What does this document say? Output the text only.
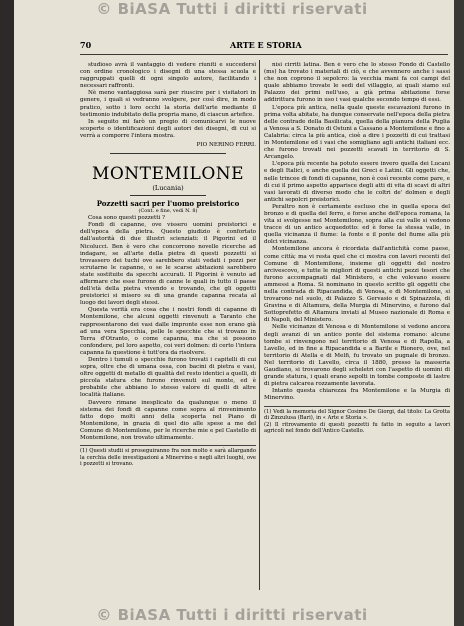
© BiASA Tutti i diritti riservati
70	ARTE E STORIA

studioso avrà il vantaggio di vedere riuniti e succedersi con ordine cronologico i disegni di una stessa scuola e raggruppati quelli di ogni singolo autore, facilitando i necessari raffronti.

Nè meno vantaggiosa sarà per riuscire per i visitatori in genere, i quali si vedranno svolgere, per così dire, in modo pratico, sotto i loro occhi la storia dell'arte mediante il testimonio indubitato della propria mano, di ciascun artefice.

In seguito mi farò un pregio di comunicarvi le nuove scoperte o identificazioni degli autori dei disegni, di cui si verrà a comporre l'intera mostra.

PIO NERINO FERRI.
MONTEMILONE
(Lucania)
Pozzetti sacri per l'uomo preistorico
(Cont. e fine, vedi N. 8)

Cosa sono questi pozzetti ?

Fondi di capanne, ove vissero uomini preistorici e dell'epoca della pietra. Questo giudizio è confortato dall'autorità di due illustri scienziati: il Pigorini ed il Nicolucci. Ben è vero che concorrono novelle ricerche ad indagare, se all'arte della pietra di questi pozzetti si trovassero dei tuchi ove sarebbero stati vedati i pozzi per scrutarne le capanne, o se le scarse abitazioni sarebbero state sostituite da specchi accurati. Il Pigorini è venuto ad affermare che esse furono di canne le quali in tutto il paese dell'età della pietra vivendo e trovando, che gli oggetti preistorici si misero su di una grande capanna recata al luogo dei lavori degli stessi.

Questa verità era cosa che i nostri fondi di capanne di Montemilone, che alcuni oggetti rinvenuti a Taranto che rappresentarono dei vasi dalle impronte esse non erano già ad una vera Specchia, pelle le specchie che si trovano in Terra d'Otranto, o come capanna, ma che si possono confondere, pel loro aspetto, coi veri dolmen: di certo l'intera capanna fa questione è tutt'ora da risolvere.

Dentro i tumuli o specchie furono trovati i capitelli di cui sopra, oltre che di umana ossa, con bacini di pietra e vasi, oltre oggetti di metallo di qualità del resto identici a quelli, di piccola statura che furono rinvenuti sul monte, ed è probabile che abbiano lo stesso valore di quelli di altre località italiane.

Davvero rimane inesplicato da qualunque o meno il sistema dei fondi di capanne come sopra al rinvenimento fatto dopo molti anni della scoperta nel Piano di Montemilone, in grazia di quel dio alle spese a me del Comune di Montemilone, per le ricerche mie e pel Castello di Montemilone, non trovato ultimamente.

(1) Questi studii si proseguiranno fra non molto e sarà allargando la cerchia delle investigazioni a Minervino e negli altri luoghi, ove i pozzetti si trovano.

nisi cirriti latina. Ben è vero che lo stesso Fondo di Castello (ms) ha trovato i materiali di ciò, e che avvennero anche i sassi che non coprono il sepolcro: la vecchia mani fa coi campi del quale abbiamo trovate le sedi del villaggio, ai quali siamo sul Palazzo dei primi nell'uso, a già prima abitazione forse addirittura furono in uso i vasi qualche secondo tempo di essi.

L'epoca più antica, nella quale queste escavazioni furono in prima volta abitate, ha dunque conservate nell'epoca della pietra delle contrade della Basilicata, quella della pianura della Puglia a Venosa a S. Donato di Ostuni a Cassano a Montemilone e fino a Calabria: circa la più antica, cioè a dire i pozzetti di cui trattasi in Montemilone ed i vasi che somigliano agli antichi italiani ecc. che furono trovati nei pozzetti scavati in territorio di S. Arcangelo.

L'epoca più recente ha potuto essere invero quella dei Lucani e degli Italici, e anche quella dei Greci e Latini. Gli oggetti che, nelle trincee di fondi di capanne, non è così recente come pare, e di cui il primo aspetto apparisce degli atti di vita di scavi di altri vasi lavorati di diverso modo che le coltri de' dolmen e degli antichi sepolcri preistorici.

Peraltro non è certamente escluso che in quella epoca del bronzo e di quella del ferro, e forse anche dell'epoca romana, la vita si svolgesse nel Montemilone, sopra alla cui valle si vedono tracce di un antico acquedotto: ed è forse la stessa valle, in quella vicinanza il fiume: la fonte e il ponte del fiume alla più dolci vicinanza.

Montemilone ancora è ricordata dall'antichità come paese, come città; ma vi resta quel che ci mostra con lavori recenti del Comune di Montemilone, insieme gli oggetti del nostro arcivescovo, e tutte le migliori di questi antichi pezzi tesori che furono accompagnati dal Ministero, e che volevano essere ammessi a Roma. Si nominano in questo scritto gli oggetti che nella contrada di Ripacandida, di Venosa, e di Montemilone, si trovarono nel suolo, di Palazzo S. Gervasio e di Spinazzola, di Gravina e di Altamura, della Murgia di Minervino, e furono dal Sottoprefetto di Altamura inviati al Museo nazionale di Roma e di Napoli, del Ministero.

Nelle vicinanze di Venosa e di Montemilone si vedono ancora degli avanzi di un antico ponte del sistema romano: alcune tombe si rinvengono nel territorio di Venosa e di Rapolla, a Lavello, ed in fine a Ripacandida e a Barile e Rionero, ove, nel territorio di Atella e di Melfi, fu trovato un pugnale di bronzo. Nel territorio di Lavello, circa il 1880, presso la masseria Gaudiano, si trovarono degli scheletri con l'aspetto di uomini di grande statura, i quali erano sepolti in tombe composte di lastre di pietra calcarea rozzamente lavorata.

Intanto questa chiarezza fra Montemilone e la Murgia di Minervino.

(1) Vedi la memoria del Signor Cosimo De Giorgi, dal titolo: La Grotta di Zinzulusa (Bari), in « Arte e Storia ».
(2) Il ritrovamento di questi pozzetti fu fatto in seguito a lavori agricoli nel fondo dell'Antico Castello.
© BiASA Tutti i diritti riservati
